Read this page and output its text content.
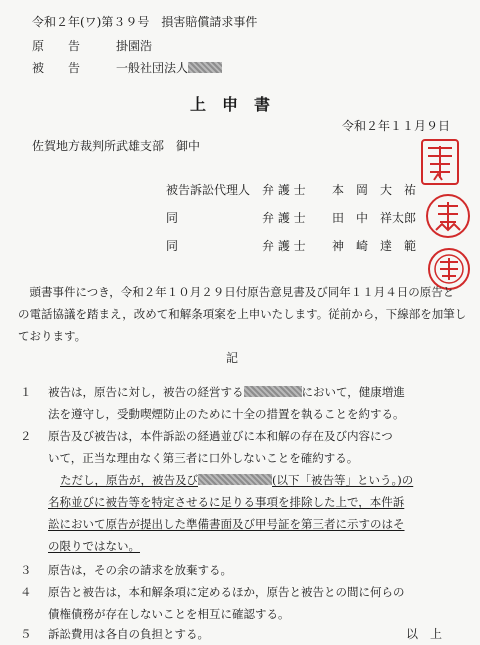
令和２年(ワ)第３９号　損害賠償請求事件
原　　告	掛園浩
被　　告	一般社団法人
上申書
令和２年１１月９日
佐賀地方裁判所武雄支部　御中
被告訴訟代理人 弁 護 士 本　岡　大　祐
同	弁 護 士 田　中　祥太郎
同	弁 護 士 神　崎　達　範
　頭書事件につき，令和２年１０月２９日付原告意見書及び同年１１月４日の原告と
の電話協議を踏まえ，改めて和解条項案を上申いたします。従前から，下線部を加筆し
ております。
記
１ 被告は，原告に対し，被告の経営する	において，健康増進
法を遵守し，受動喫煙防止のために十全の措置を執ることを約する。
２ 原告及び被告は，本件訴訟の経過並びに本和解の存在及び内容につ
いて，正当な理由なく第三者に口外しないことを確約する。
ただし，原告が，被告及び	(以下「被告等」という。)の
名称並びに被告等を特定させるに足りる事項を排除した上で，本件訴
訟において原告が提出した準備書面及び甲号証を第三者に示すのはそ
の限りではない。
３ 原告は，その余の請求を放棄する。
４ 原告と被告は，本和解条項に定めるほか，原告と被告との間に何らの
債権債務が存在しないことを相互に確認する。
５ 訴訟費用は各自の負担とする。	以　上
